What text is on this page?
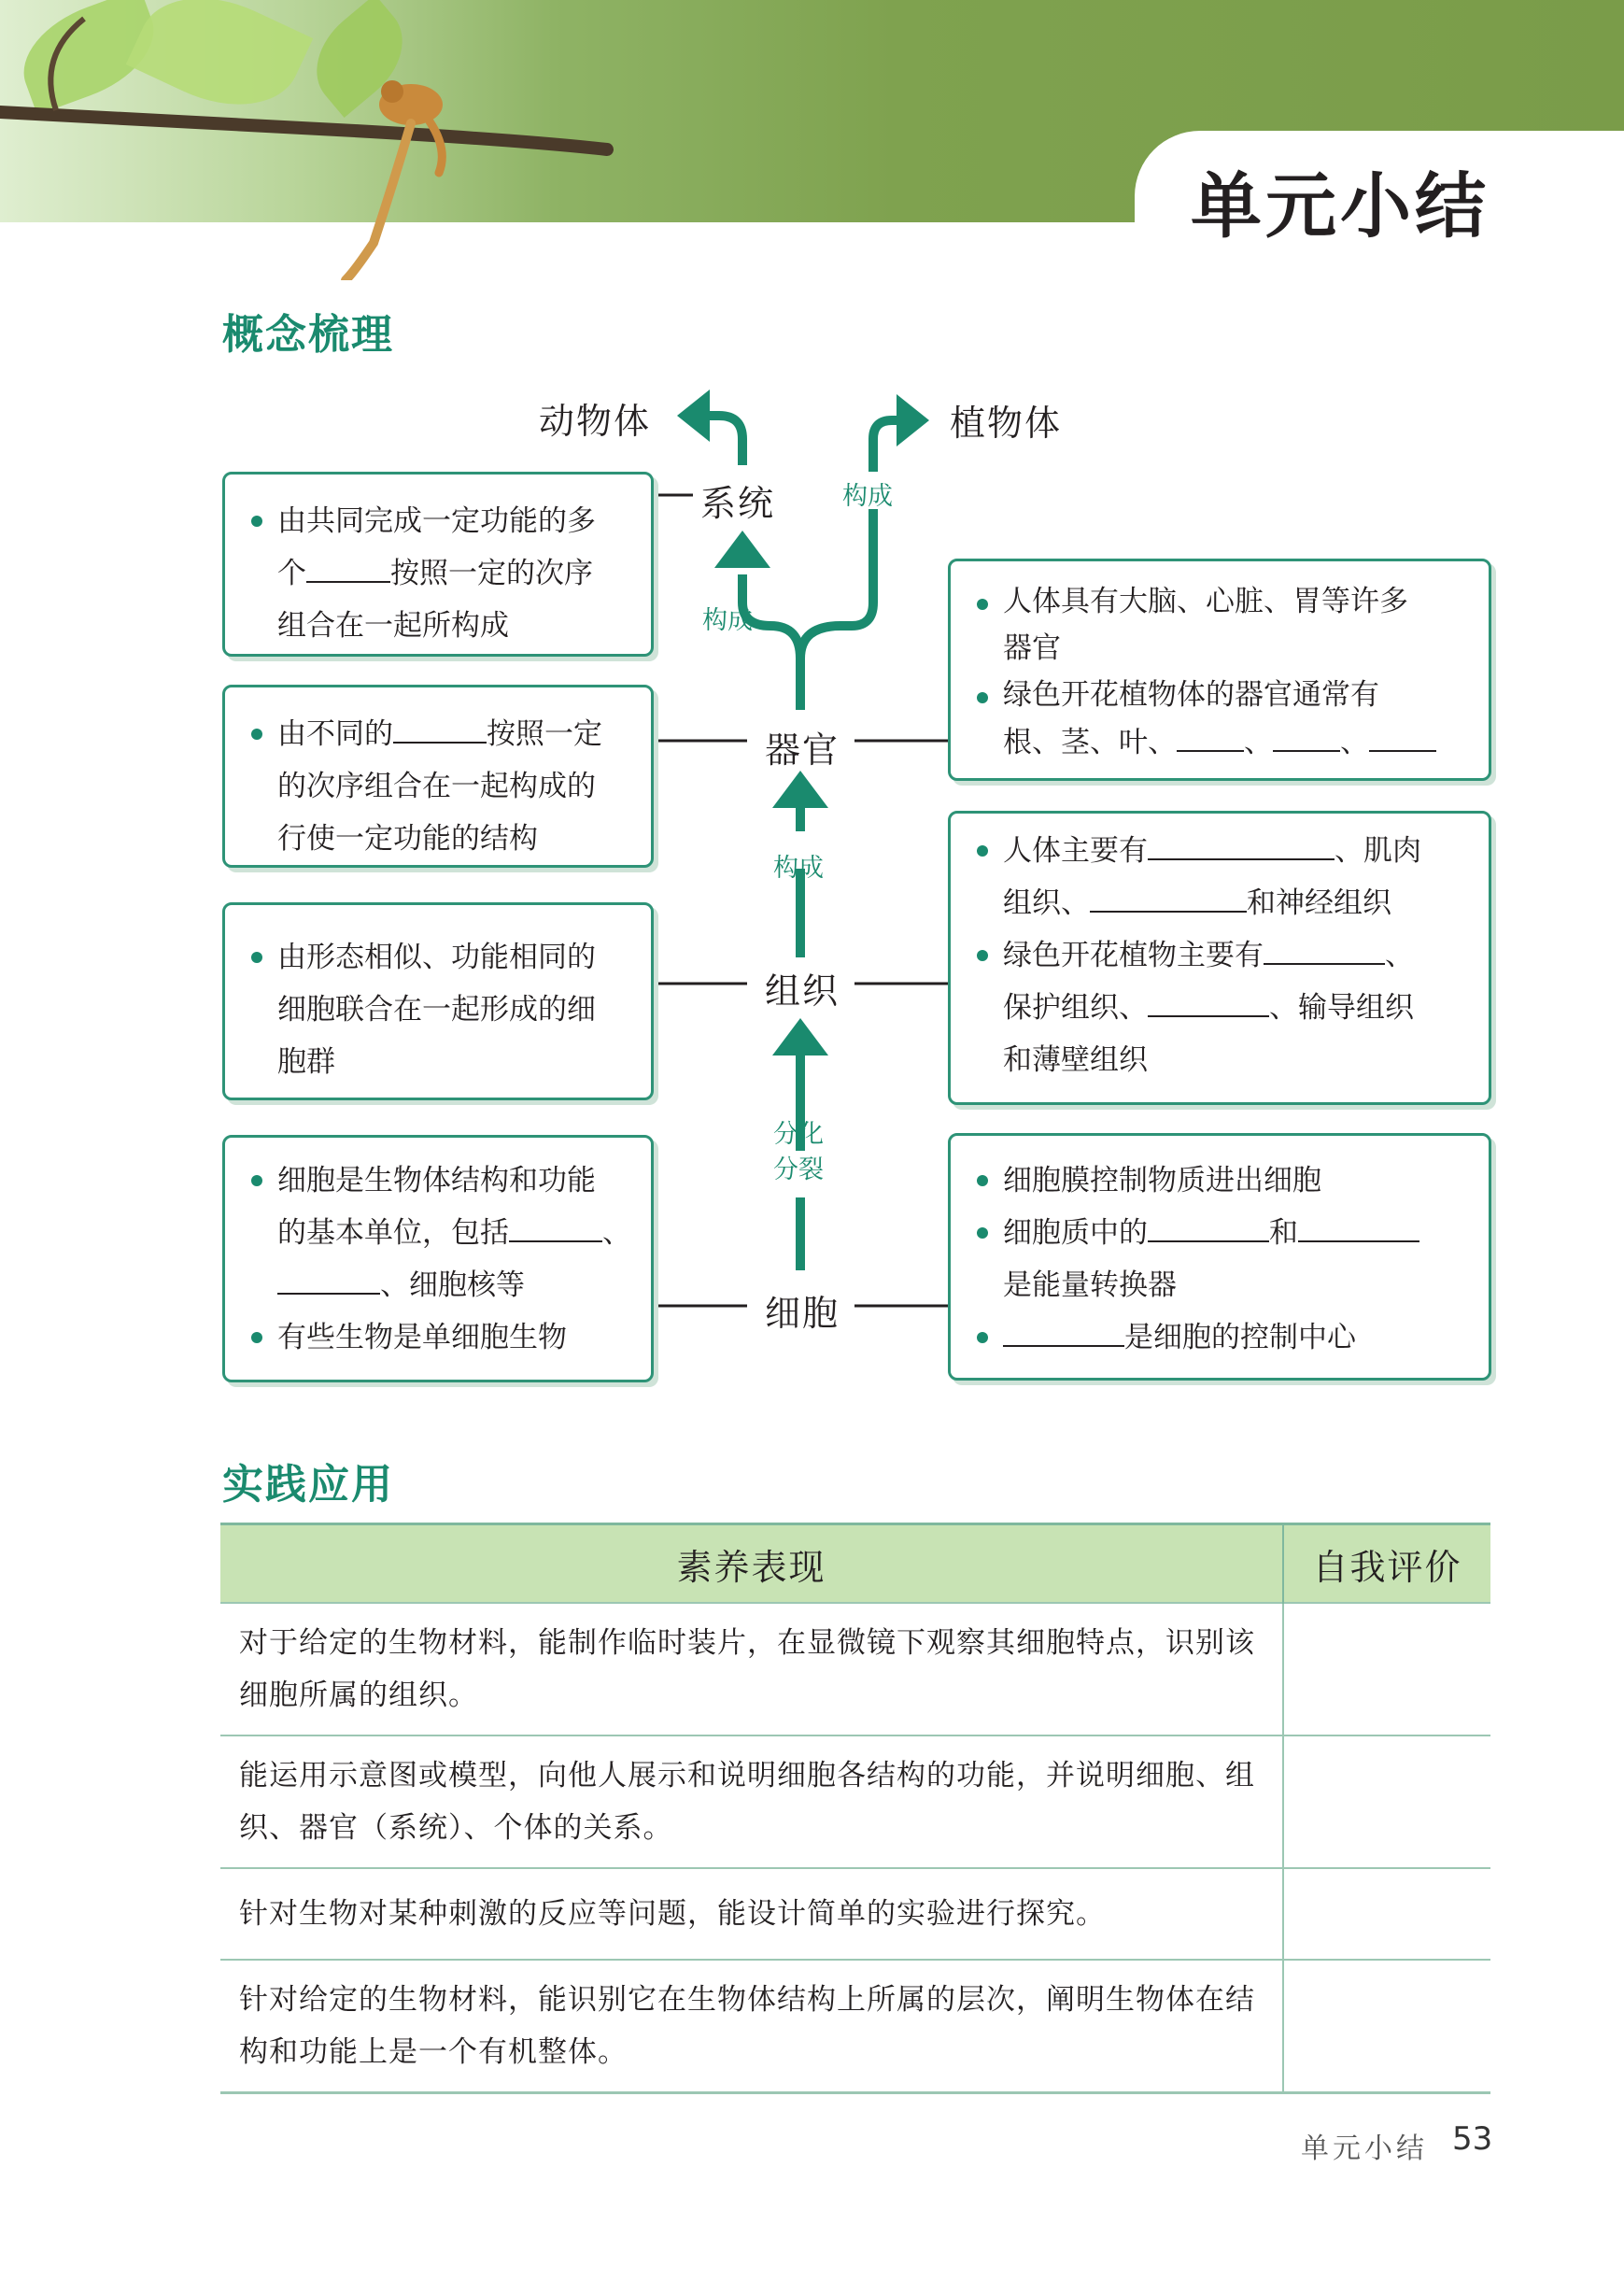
单元小结
概念梳理
动物体	植物体
系统
器官
组织
细胞
构成
构成
构成
分化
分裂
由共同完成一定功能的多
个	按照一定的次序
组合在一起所构成
由不同的	按照一定
的次序组合在一起构成的
行使一定功能的结构
由形态相似、功能相同的
细胞联合在一起形成的细
胞群
细胞是生物体结构和功能
的基本单位，包括	、
、细胞核等
有些生物是单细胞生物
人体具有大脑、心脏、胃等许多
器官
绿色开花植物体的器官通常有
根、茎、叶、 、 、
人体主要有	、肌肉
组织、	和神经组织
绿色开花植物主要有	、
保护组织、	、输导组织
和薄壁组织
细胞膜控制物质进出细胞
细胞质中的	和
是能量转换器
是细胞的控制中心
实践应用
素养表现	自我评价
对于给定的生物材料，能制作临时装片，在显微镜下观察其细胞特点，识别该细胞所属的组织。	
能运用示意图或模型，向他人展示和说明细胞各结构的功能，并说明细胞、组织、器官（系统）、个体的关系。	
针对生物对某种刺激的反应等问题，能设计简单的实验进行探究。	
针对给定的生物材料，能识别它在生物体结构上所属的层次，阐明生物体在结构和功能上是一个有机整体。	
单元小结 53
